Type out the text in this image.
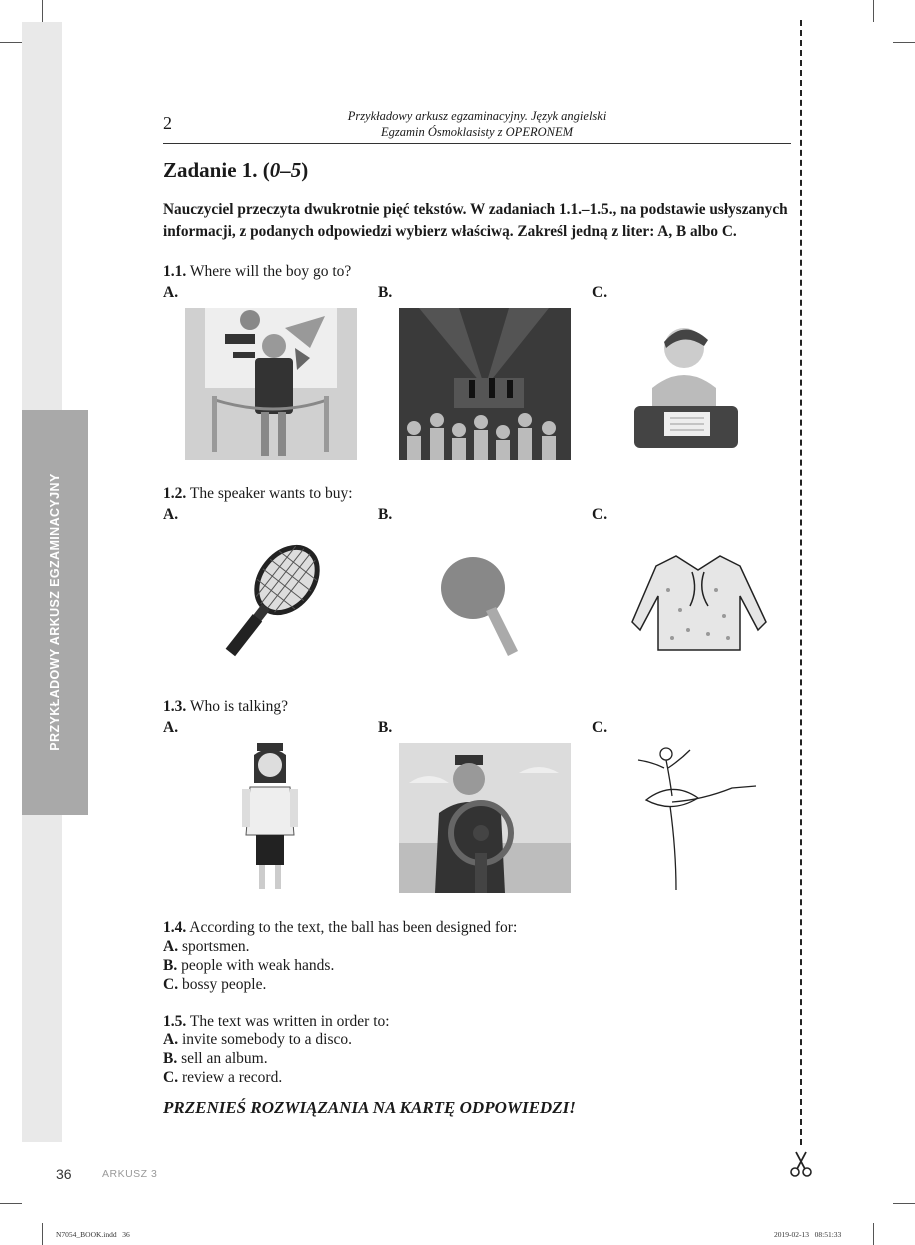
PRZYKŁADOWY ARKUSZ EGZAMINACYJNY
2	Przykładowy arkusz egzaminacyjny. Język angielski
Egzamin Ósmoklasisty z OPERONEM
Zadanie 1. (0–5)
Nauczyciel przeczyta dwukrotnie pięć tekstów. W zadaniach 1.1.–1.5., na podstawie usłyszanych informacji, z podanych odpowiedzi wybierz właściwą. Zakreśl jedną z liter: A, B albo C.
1.1. Where will the boy go to?
A.	B.	C.
1.2. The speaker wants to buy:
A.	B.	C.
1.3. Who is talking?
A.	B.	C.
1.4. According to the text, the ball has been designed for:
A. sportsmen.
B. people with weak hands.
C. bossy people.
1.5. The text was written in order to:
A. invite somebody to a disco.
B. sell an album.
C. review a record.
PRZENIEŚ ROZWIĄZANIA NA KARTĘ ODPOWIEDZI!
36	ARKUSZ 3
N7054_BOOK.indd   36	2019-02-13   08:51:33
